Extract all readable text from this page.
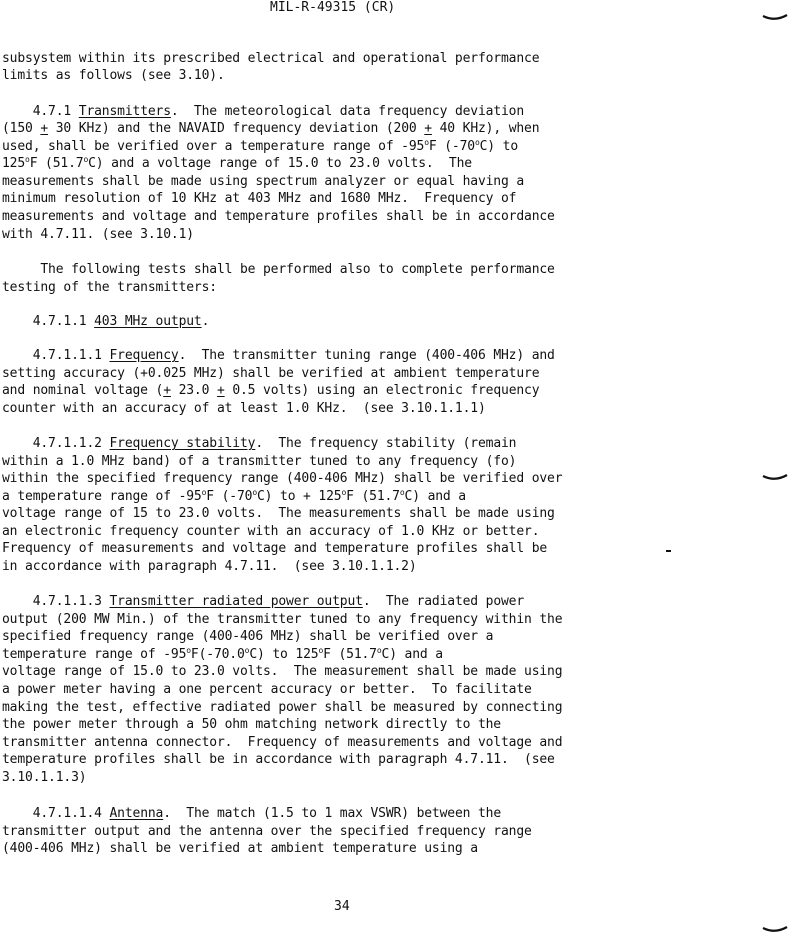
MIL-R-49315 (CR)
subsystem within its prescribed electrical and operational performance
limits as follows (see 3.10).
4.7.1 Transmitters.  The meteorological data frequency deviation
(150 + 30 KHz) and the NAVAID frequency deviation (200 + 40 KHz), when
used, shall be verified over a temperature range of -95$^o$F (-70$^o$C) to
125$^o$F (51.7$^o$C) and a voltage range of 15.0 to 23.0 volts.  The
measurements shall be made using spectrum analyzer or equal having a
minimum resolution of 10 KHz at 403 MHz and 1680 MHz.  Frequency of
measurements and voltage and temperature profiles shall be in accordance
with 4.7.11. (see 3.10.1)
The following tests shall be performed also to complete performance
testing of the transmitters:
4.7.1.1 403 MHz output.
4.7.1.1.1 Frequency.  The transmitter tuning range (400-406 MHz) and
setting accuracy (+0.025 MHz) shall be verified at ambient temperature
and nominal voltage (+ 23.0 + 0.5 volts) using an electronic frequency
counter with an accuracy of at least 1.0 KHz.  (see 3.10.1.1.1)
4.7.1.1.2 Frequency stability.  The frequency stability (remain
within a 1.0 MHz band) of a transmitter tuned to any frequency (fo)
within the specified frequency range (400-406 MHz) shall be verified over
a temperature range of -95$^o$F (-70$^o$C) to + $125^oF$ (51.7$^o$C) and a
voltage range of 15 to 23.0 volts.  The measurements shall be made using
an electronic frequency counter with an accuracy of 1.0 KHz or better.
Frequency of measurements and voltage and temperature profiles shall be
in accordance with paragraph 4.7.11.  (see 3.10.1.1.2)
4.7.1.1.3 Transmitter radiated power output.  The radiated power
output (200 MW Min.) of the transmitter tuned to any frequency within the
specified frequency range (400-406 MHz) shall be verified over a
temperature range of -95$^o$F(-70.0$^o$C) to 125$^o$F (51.7$^o$C) and a
voltage range of 15.0 to 23.0 volts.  The measurement shall be made using
a power meter having a one percent accuracy or better.  To facilitate
making the test, effective radiated power shall be measured by connecting
the power meter through a 50 ohm matching network directly to the
transmitter antenna connector.  Frequency of measurements and voltage and
temperature profiles shall be in accordance with paragraph 4.7.11.  (see
3.10.1.1.3)
4.7.1.1.4 Antenna.  The match (1.5 to 1 max VSWR) between the
transmitter output and the antenna over the specified frequency range
(400-406 MHz) shall be verified at ambient temperature using a
34
